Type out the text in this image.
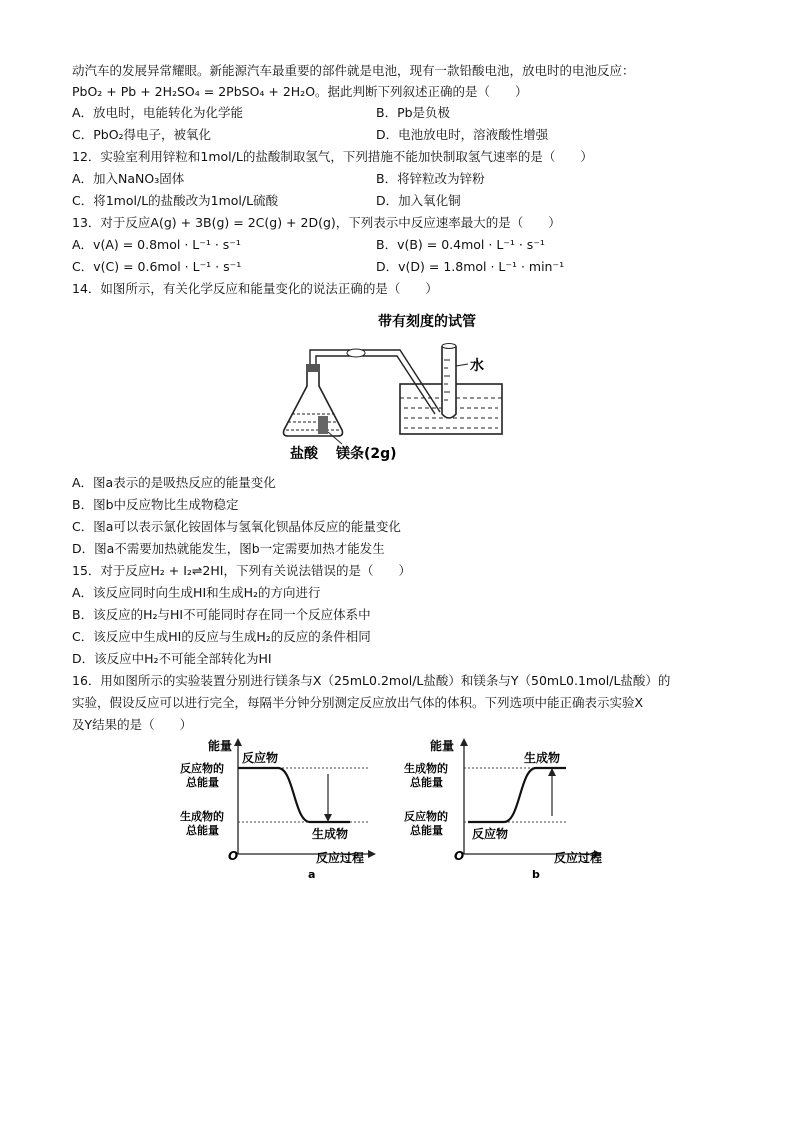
动汽车的发展异常耀眼。新能源汽车最重要的部件就是电池，现有一款铅酸电池，放电时的电池反应：
PbO₂ + Pb + 2H₂SO₄ = 2PbSO₄ + 2H₂O。据此判断下列叙述正确的是（　　）
A．放电时，电能转化为化学能	B．Pb是负极
C．PbO₂得电子，被氧化	D．电池放电时，溶液酸性增强
12．实验室利用锌粒和1mol/L的盐酸制取氢气，下列措施不能加快制取氢气速率的是（　　）
A．加入NaNO₃固体	B．将锌粒改为锌粉
C．将1mol/L的盐酸改为1mol/L硫酸	D．加入氧化铜
13．对于反应A(g) + 3B(g) = 2C(g) + 2D(g)，下列表示中反应速率最大的是（　　）
A．v(A) = 0.8mol · L⁻¹ · s⁻¹	B．v(B) = 0.4mol · L⁻¹ · s⁻¹
C．v(C) = 0.6mol · L⁻¹ · s⁻¹	D．v(D) = 1.8mol · L⁻¹ · min⁻¹
14．如图所示，有关化学反应和能量变化的说法正确的是（　　）
带有刻度的试管
水
盐酸 镁条(2g)
A．图a表示的是吸热反应的能量变化
B．图b中反应物比生成物稳定
C．图a可以表示氯化铵固体与氢氧化钡晶体反应的能量变化
D．图a不需要加热就能发生，图b一定需要加热才能发生
15．对于反应H₂ + I₂⇌2HI，下列有关说法错误的是（　　）
A．该反应同时向生成HI和生成H₂的方向进行
B．该反应的H₂与HI不可能同时存在同一个反应体系中
C．该反应中生成HI的反应与生成H₂的反应的条件相同
D．该反应中H₂不可能全部转化为HI
16．用如图所示的实验装置分别进行镁条与X（25mL0.2mol/L盐酸）和镁条与Y（50mL0.1mol/L盐酸）的
实验，假设反应可以进行完全，每隔半分钟分别测定反应放出气体的体积。下列选项中能正确表示实验X
及Y结果的是（　　）
能量
反应过程
O
反应物
反应物的
总能量
生成物的
总能量	生成物
a
能量
反应过程
O
生成物
生成物的
总能量
反应物的
总能量 反应物
b
